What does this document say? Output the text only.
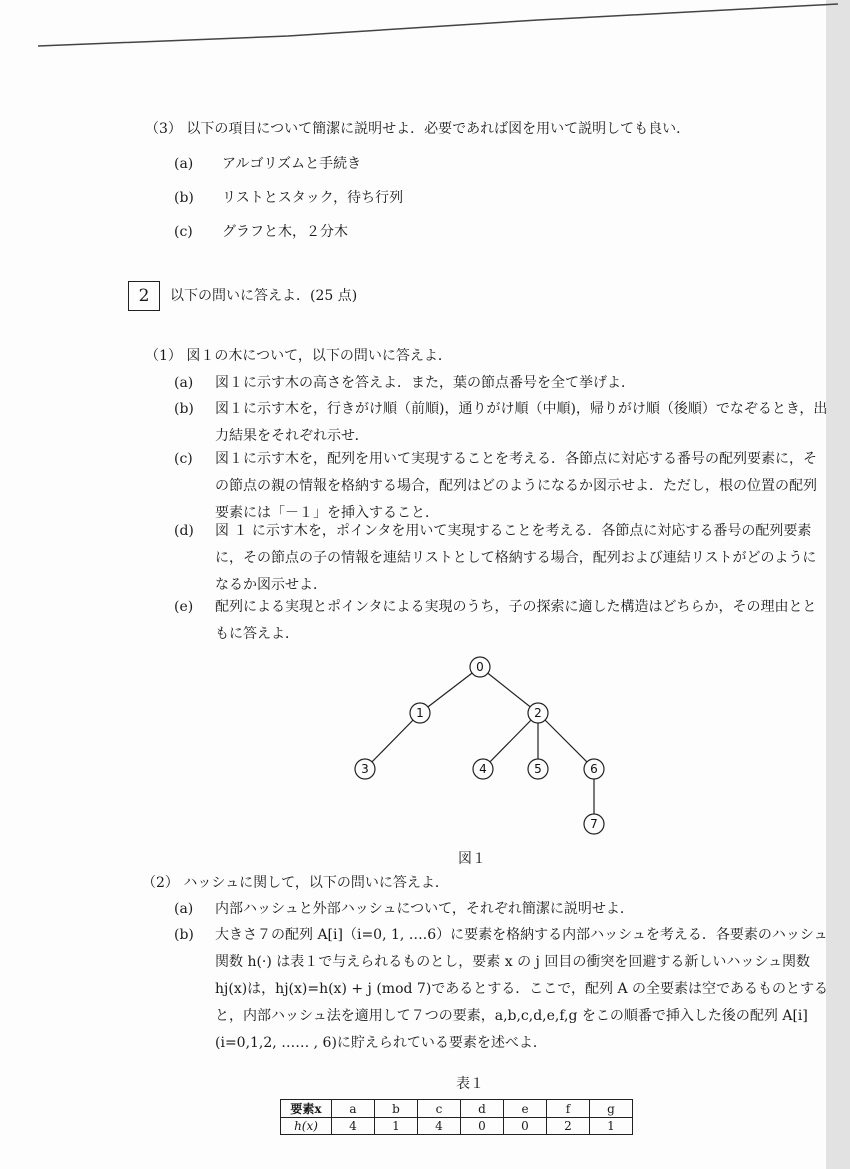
（3） 以下の項目について簡潔に説明せよ．必要であれば図を用いて説明しても良い．
(a) アルゴリズムと手続き
(b) リストとスタック，待ち行列
(c) グラフと木，２分木
2	以下の問いに答えよ．(25 点)
（1） 図１の木について，以下の問いに答えよ．
(a) 図１に示す木の高さを答えよ．また，葉の節点番号を全て挙げよ．
(b) 図１に示す木を，行きがけ順（前順)，通りがけ順（中順)，帰りがけ順（後順）でなぞるとき，出力結果をそれぞれ示せ．
(c) 図１に示す木を，配列を用いて実現することを考える．各節点に対応する番号の配列要素に，その節点の親の情報を格納する場合，配列はどのようになるか図示せよ．ただし，根の位置の配列要素には「－１」を挿入すること．
(d) 図 １ に示す木を，ポインタを用いて実現することを考える．各節点に対応する番号の配列要素に，その節点の子の情報を連結リストとして格納する場合，配列および連結リストがどのようになるか図示せよ．
(e) 配列による実現とポインタによる実現のうち，子の探索に適した構造はどちらか，その理由とともに答えよ．
0
1	2
3	4	5	6
7
図１
（2） ハッシュに関して，以下の問いに答えよ．
(a) 内部ハッシュと外部ハッシュについて，それぞれ簡潔に説明せよ．
(b) 大きさ７の配列 A[i]（i=0, 1, ….6）に要素を格納する内部ハッシュを考える．各要素のハッシュ関数 h(·) は表１で与えられるものとし，要素 x の j 回目の衝突を回避する新しいハッシュ関数 hj(x)は，hj(x)=h(x) + j (mod 7)であるとする．ここで，配列 A の全要素は空であるものとすると，内部ハッシュ法を適用して７つの要素，a,b,c,d,e,f,g をこの順番で挿入した後の配列 A[i] (i=0,1,2, …… , 6)に貯えられている要素を述べよ．
表１
要素x	a	b	c	d	e	f	g
h(x)	4	1	4	0	0	2	1
